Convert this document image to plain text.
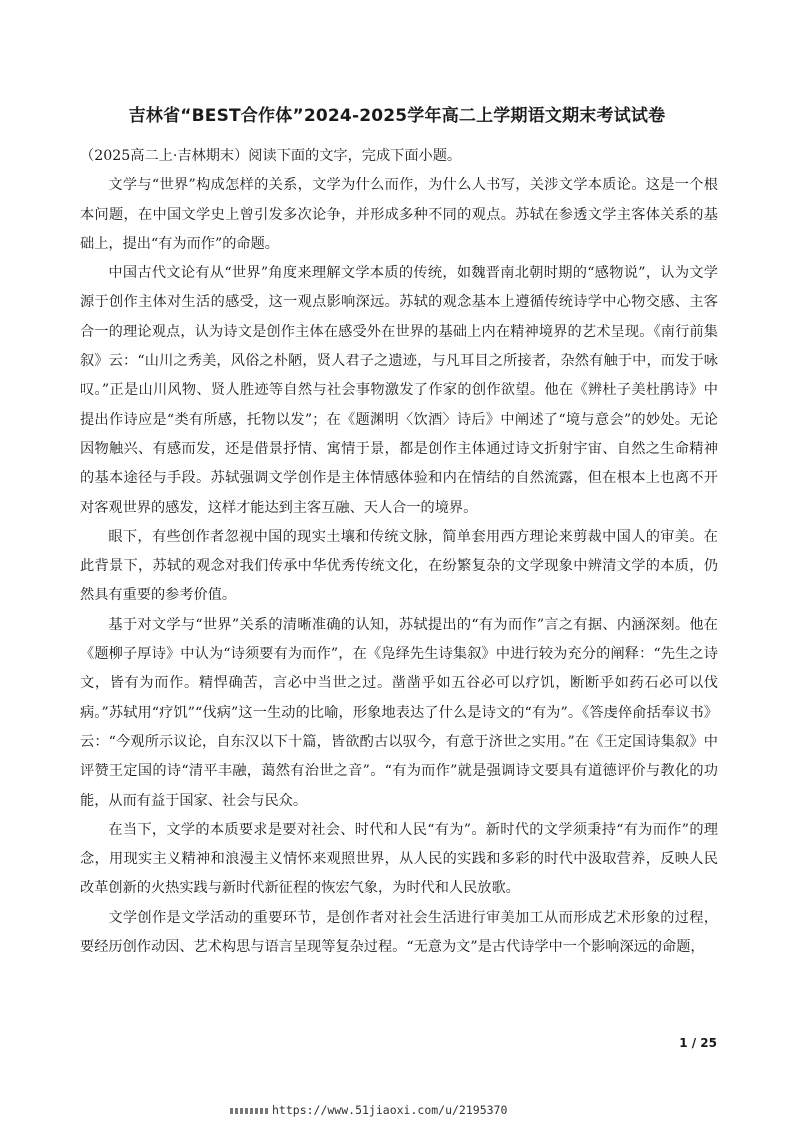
吉林省“BEST合作体”2024-2025学年高二上学期语文期末考试试卷

（2025高二上·吉林期末）阅读下面的文字，完成下面小题。

文学与“世界”构成怎样的关系，文学为什么而作，为什么人书写，关涉文学本质论。这是一个根本问题，在中国文学史上曾引发多次论争，并形成多种不同的观点。苏轼在参透文学主客体关系的基础上，提出“有为而作”的命题。

中国古代文论有从“世界”角度来理解文学本质的传统，如魏晋南北朝时期的“感物说”，认为文学源于创作主体对生活的感受，这一观点影响深远。苏轼的观念基本上遵循传统诗学中心物交感、主客合一的理论观点，认为诗文是创作主体在感受外在世界的基础上内在精神境界的艺术呈现。《南行前集叙》云：“山川之秀美，风俗之朴陋，贤人君子之遗迹，与凡耳目之所接者，杂然有触于中，而发于咏叹。”正是山川风物、贤人胜迹等自然与社会事物激发了作家的创作欲望。他在《辨杜子美杜鹃诗》中提出作诗应是“类有所感，托物以发”；在《题渊明〈饮酒〉诗后》中阐述了“境与意会”的妙处。无论因物触兴、有感而发，还是借景抒情、寓情于景，都是创作主体通过诗文折射宇宙、自然之生命精神的基本途径与手段。苏轼强调文学创作是主体情感体验和内在情结的自然流露，但在根本上也离不开对客观世界的感发，这样才能达到主客互融、天人合一的境界。

眼下，有些创作者忽视中国的现实土壤和传统文脉，简单套用西方理论来剪裁中国人的审美。在此背景下，苏轼的观念对我们传承中华优秀传统文化，在纷繁复杂的文学现象中辨清文学的本质，仍然具有重要的参考价值。

基于对文学与“世界”关系的清晰准确的认知，苏轼提出的“有为而作”言之有据、内涵深刻。他在《题柳子厚诗》中认为“诗须要有为而作”，在《凫绎先生诗集叙》中进行较为充分的阐释：“先生之诗文，皆有为而作。精悍确苦，言必中当世之过。凿凿乎如五谷必可以疗饥，断断乎如药石必可以伐病。”苏轼用“疗饥”“伐病”这一生动的比喻，形象地表达了什么是诗文的“有为”。《答虔倅俞括奉议书》云：“今观所示议论，自东汉以下十篇，皆欲酌古以驭今，有意于济世之实用。”在《王定国诗集叙》中评赞王定国的诗“清平丰融，蔼然有治世之音”。“有为而作”就是强调诗文要具有道德评价与教化的功能，从而有益于国家、社会与民众。

在当下，文学的本质要求是要对社会、时代和人民“有为”。新时代的文学须秉持“有为而作”的理念，用现实主义精神和浪漫主义情怀来观照世界，从人民的实践和多彩的时代中汲取营养，反映人民改革创新的火热实践与新时代新征程的恢宏气象，为时代和人民放歌。

文学创作是文学活动的重要环节，是创作者对社会生活进行审美加工从而形成艺术形象的过程，要经历创作动因、艺术构思与语言呈现等复杂过程。“无意为文”是古代诗学中一个影响深远的命题，

1 / 25
https://www.51jiaoxi.com/u/2195370
